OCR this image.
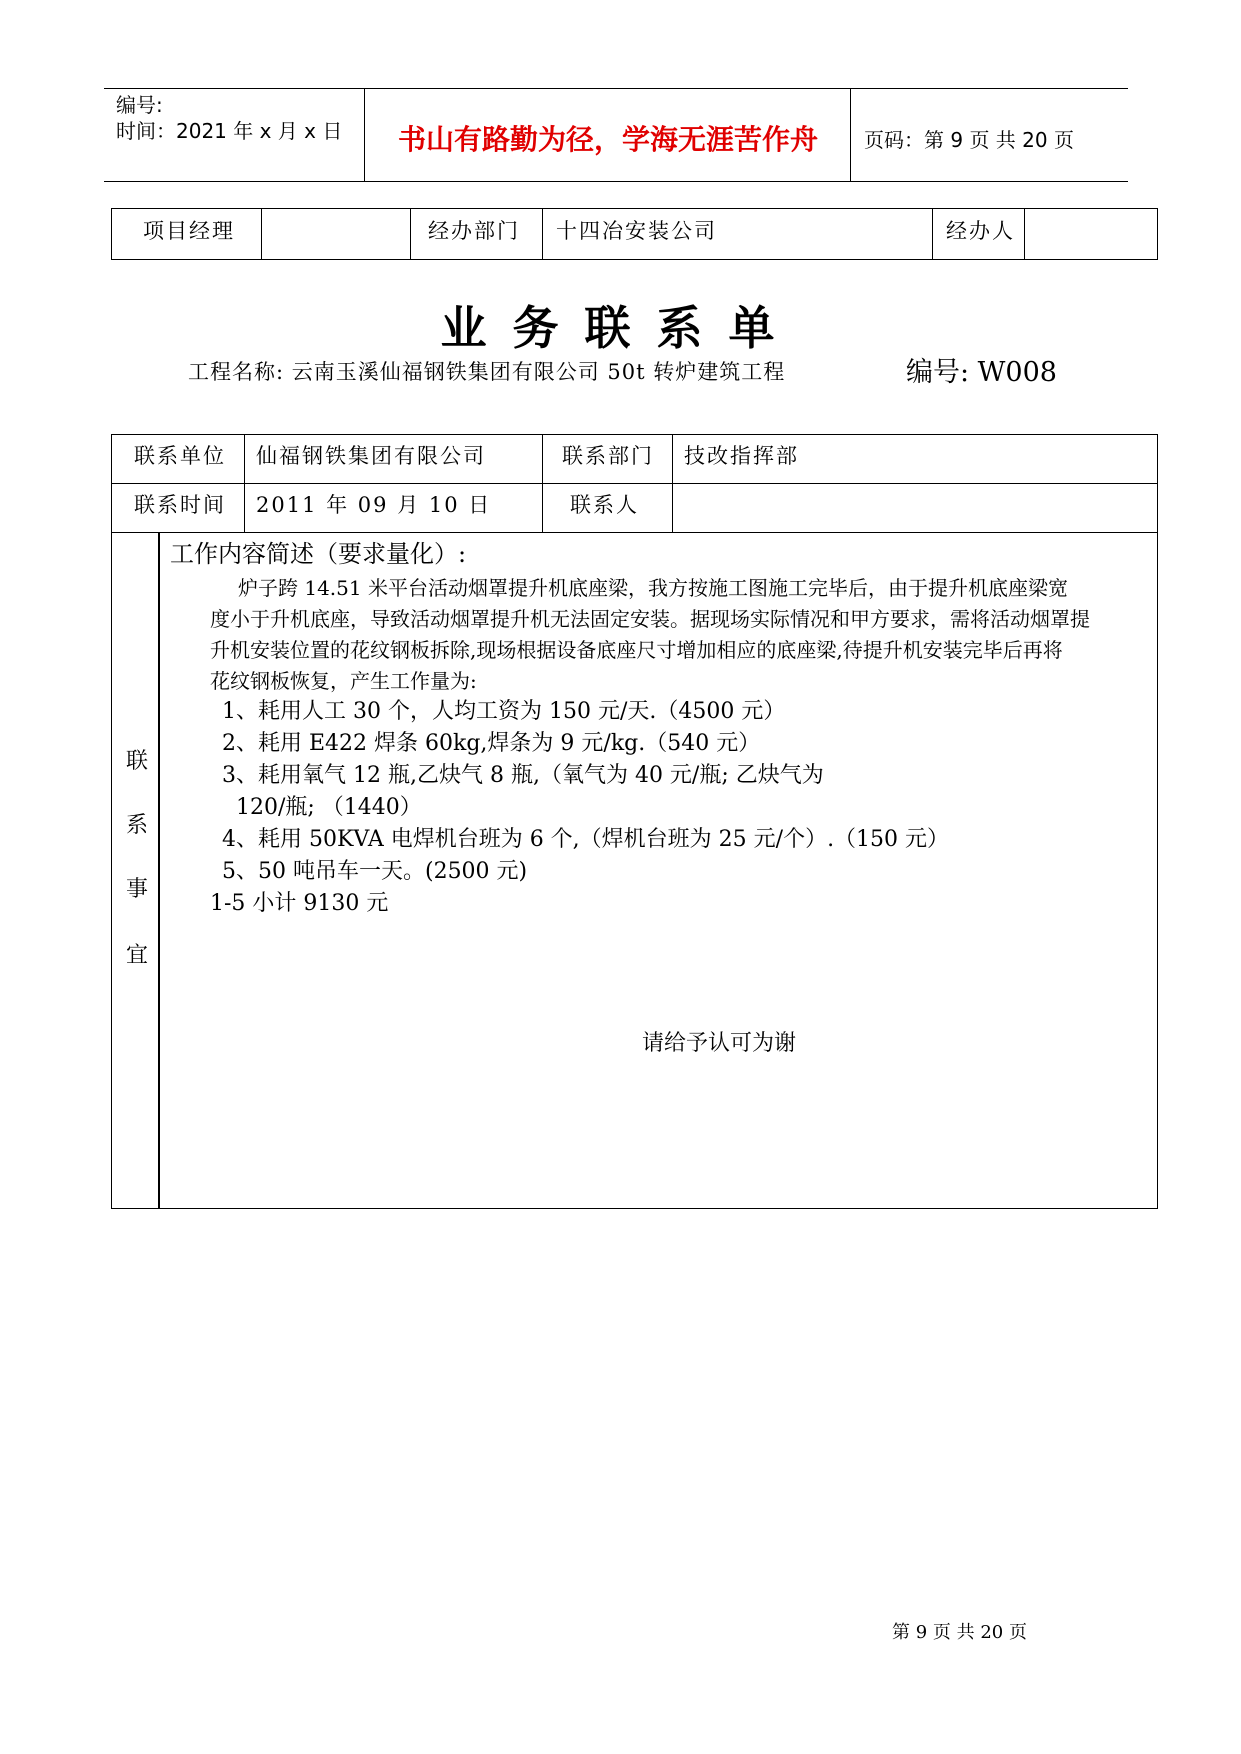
编号:
时间：2021 年 x 月 x 日	书山有路勤为径，学海无涯苦作舟	页码：第 9 页 共 20 页
项目经理	经办部门 十四冶安装公司	经办人
业务联系单
工程名称: 云南玉溪仙福钢铁集团有限公司 50t 转炉建筑工程	编号: W008
联系单位 仙福钢铁集团有限公司	联系部门 技改指挥部
联系时间 2011 年 09 月 10 日	联系人
联
系
事
宜
工作内容简述（要求量化）:
炉子跨 14.51 米平台活动烟罩提升机底座梁，我方按施工图施工完毕后，由于提升机底座梁宽
度小于升机底座，导致活动烟罩提升机无法固定安装。据现场实际情况和甲方要求，需将活动烟罩提
升机安装位置的花纹钢板拆除,现场根据设备底座尺寸增加相应的底座梁,待提升机安装完毕后再将
花纹钢板恢复，产生工作量为:
1、耗用人工 30 个，人均工资为 150 元/天.（4500 元）
2、耗用 E422 焊条 60kg,焊条为 9 元/kg.（540 元）
3、耗用氧气 12 瓶,乙炔气 8 瓶,（氧气为 40 元/瓶; 乙炔气为
120/瓶; （1440）
4、耗用 50KVA 电焊机台班为 6 个,（焊机台班为 25 元/个）.（150 元）
5、50 吨吊车一天。(2500 元)
1-5 小计 9130 元
请给予认可为谢
第 9 页 共 20 页
